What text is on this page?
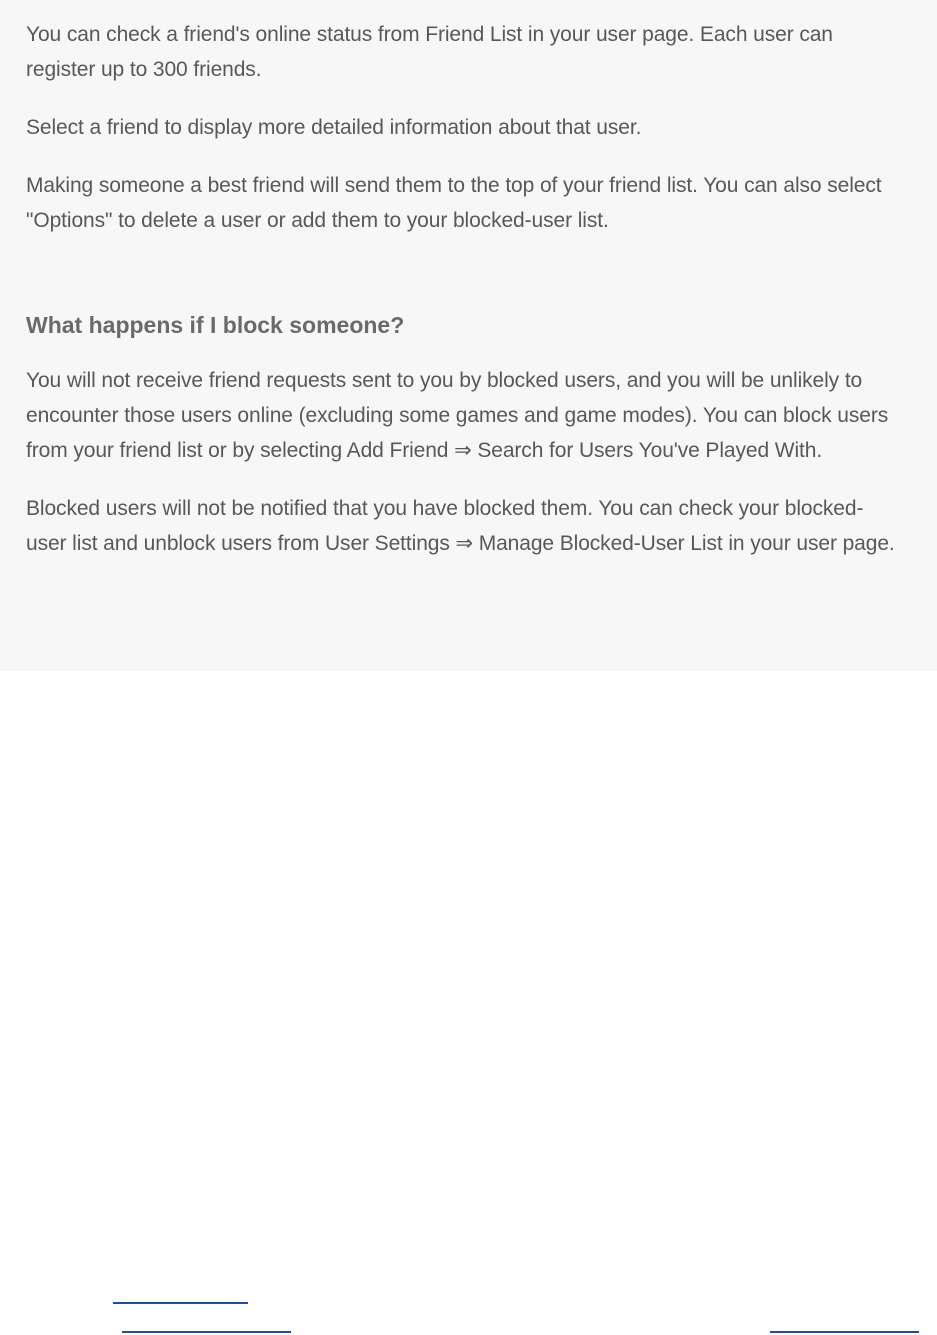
You can check a friend's online status from Friend List in your user page. Each user can register up to 300 friends.

Select a friend to display more detailed information about that user.

Making someone a best friend will send them to the top of your friend list. You can also select "Options" to delete a user or add them to your blocked-user list.

What happens if I block someone?

You will not receive friend requests sent to you by blocked users, and you will be unlikely to encounter those users online (excluding some games and game modes). You can block users from your friend list or by selecting Add Friend ⇒ Search for Users You've Played With.

Blocked users will not be notified that you have blocked them. You can check your blocked-user list and unblock users from User Settings ⇒ Manage Blocked-User List in your user page.
